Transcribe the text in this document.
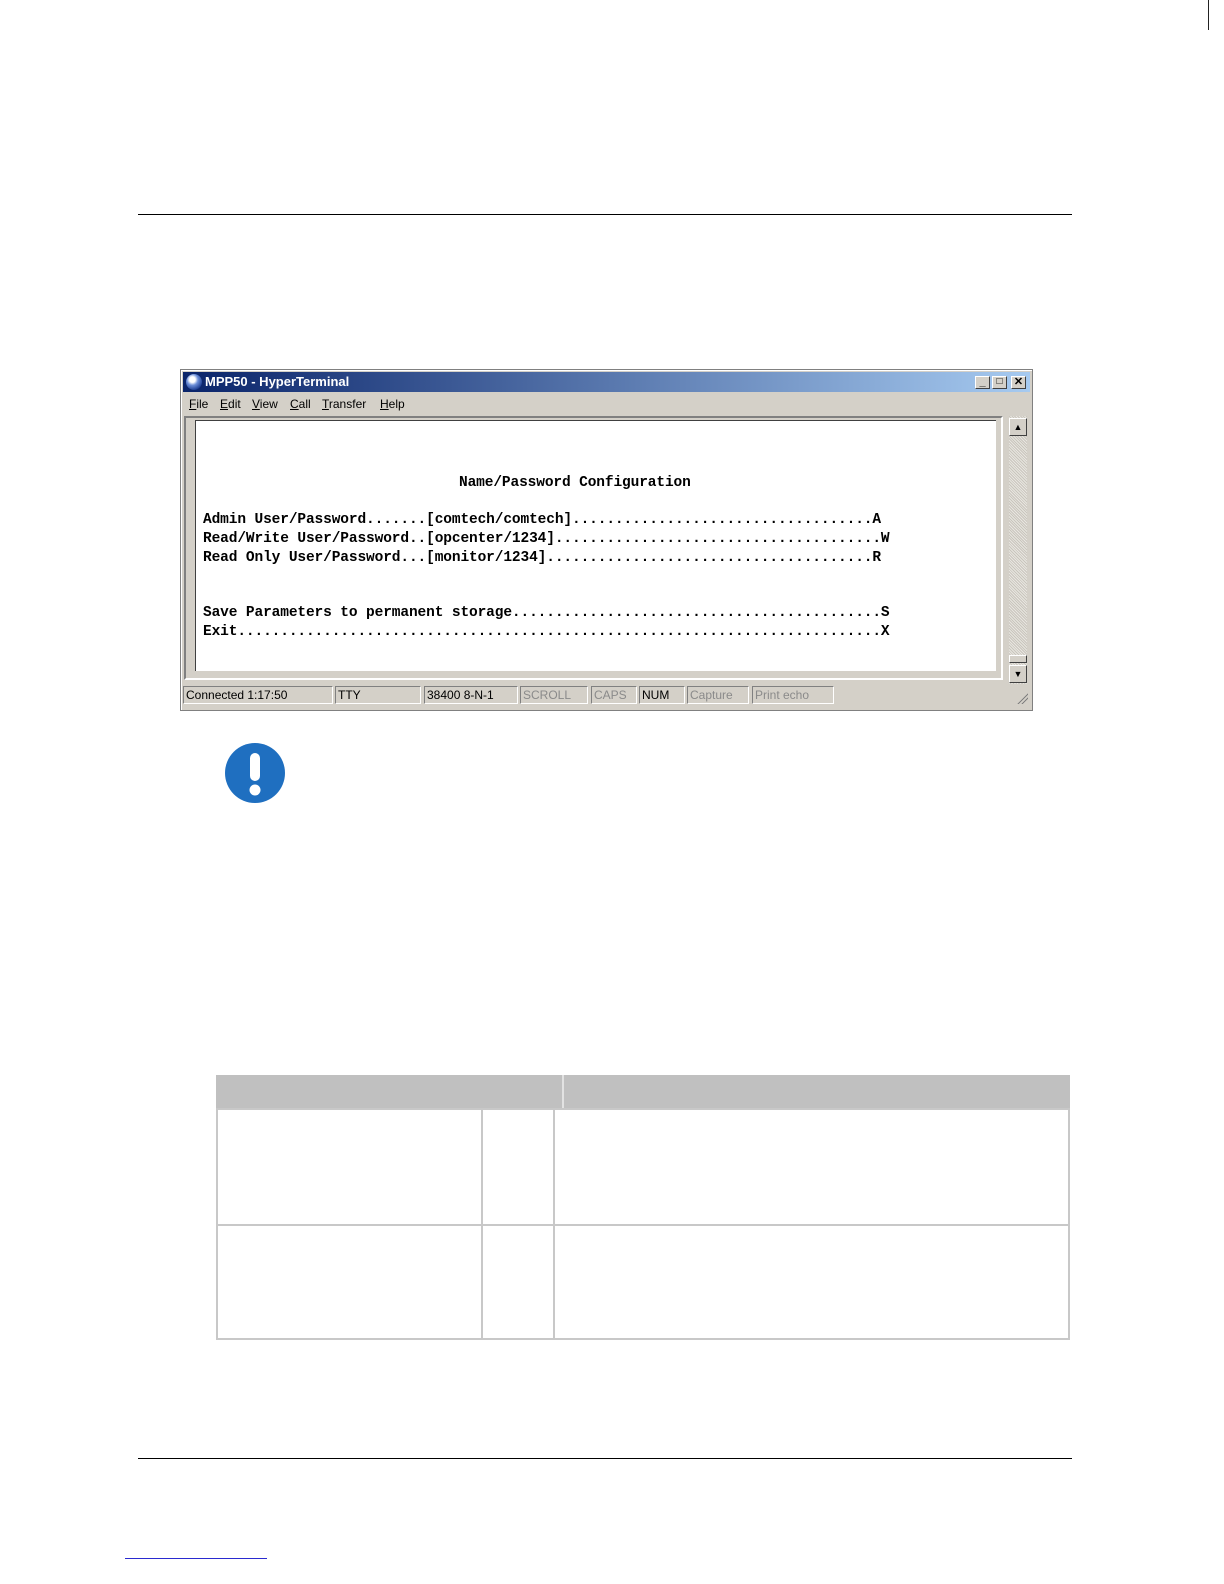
MPP50 - HyperTerminal	_	□	✕
File Edit View Call Transfer Help
Name/Password Configuration
Admin User/Password.......[comtech/comtech]...................................A
Read/Write User/Password..[opcenter/1234]......................................W
Read Only User/Password...[monitor/1234]......................................R
Save Parameters to permanent storage...........................................S
Exit...........................................................................X
▲
▼
Connected 1:17:50	TTY	38400 8-N-1	SCROLL	CAPS	NUM	Capture	Print echo
